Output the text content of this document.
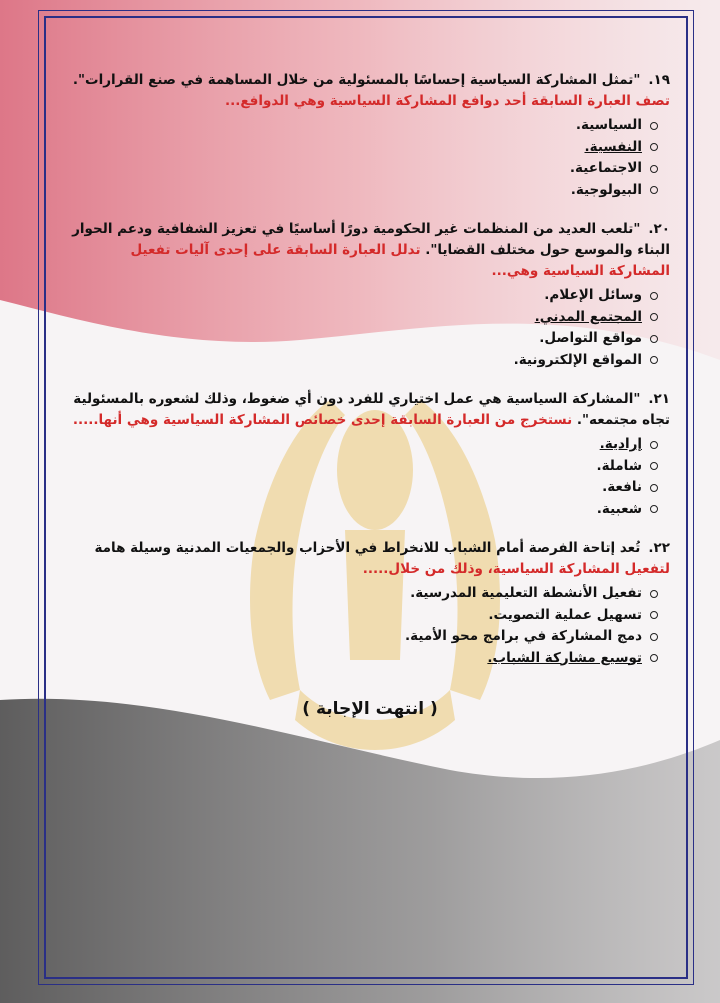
١٩."تمثل المشاركة السياسية إحساسًا بالمسئولية من خلال المساهمة في صنع القرارات".
تصف العبارة السابقة أحد دوافع المشاركة السياسية وهي الدوافع...
السياسية.
النفسية.
الاجتماعية.
البيولوجية.
٢٠."تلعب العديد من المنظمات غير الحكومية دورًا أساسيًا في تعزيز الشفافية ودعم الحوار البناء والموسع حول مختلف القضايا". تدلل العبارة السابقة على إحدى آليات تفعيل المشاركة السياسية وهي...
وسائل الإعلام.
المجتمع المدني.
مواقع التواصل.
المواقع الإلكترونية.
٢١."المشاركة السياسية هي عمل اختياري للفرد دون أي ضغوط، وذلك لشعوره بالمسئولية تجاه مجتمعه". نستخرج من العبارة السابقة إحدى خصائص المشاركة السياسية وهي أنها.....
إرادية.
شاملة.
نافعة.
شعبية.
٢٢.تُعد إتاحة الفرصة أمام الشباب للانخراط في الأحزاب والجمعيات المدنية وسيلة هامة
لتفعيل المشاركة السياسية، وذلك من خلال.....
تفعيل الأنشطة التعليمية المدرسية.
تسهيل عملية التصويت.
دمج المشاركة في برامج محو الأمية.
توسيع مشاركة الشباب.
( انتهت الإجابة )
